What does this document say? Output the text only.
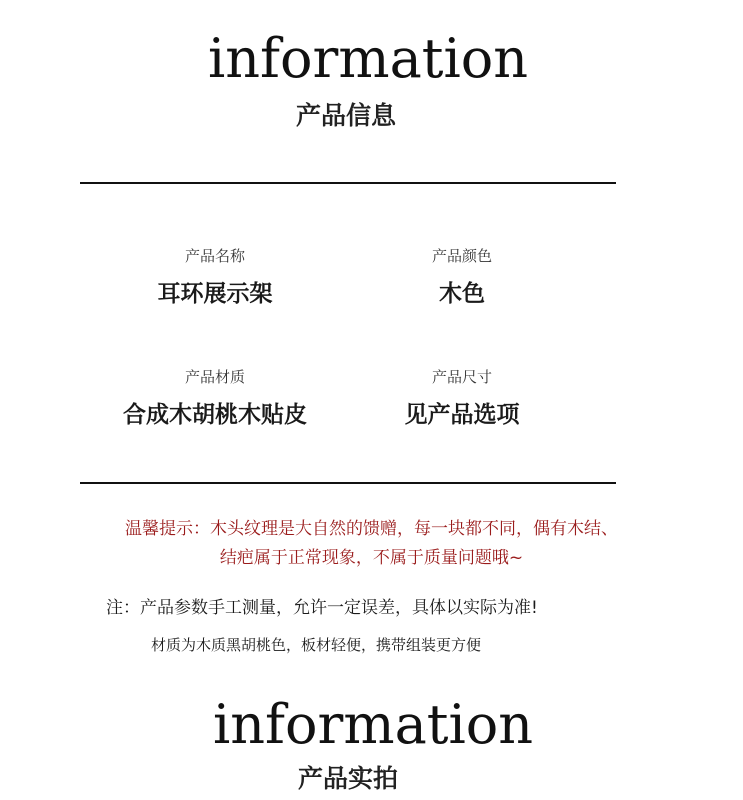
information
产品信息
产品名称
耳环展示架
产品颜色
木色
产品材质
合成木胡桃木贴皮
产品尺寸
见产品选项
温馨提示：木头纹理是大自然的馈赠，每一块都不同，偶有木结、
结疤属于正常现象，不属于质量问题哦~
注：产品参数手工测量，允许一定误差，具体以实际为准!
材质为木质黑胡桃色，板材轻便，携带组装更方便
information
产品实拍
